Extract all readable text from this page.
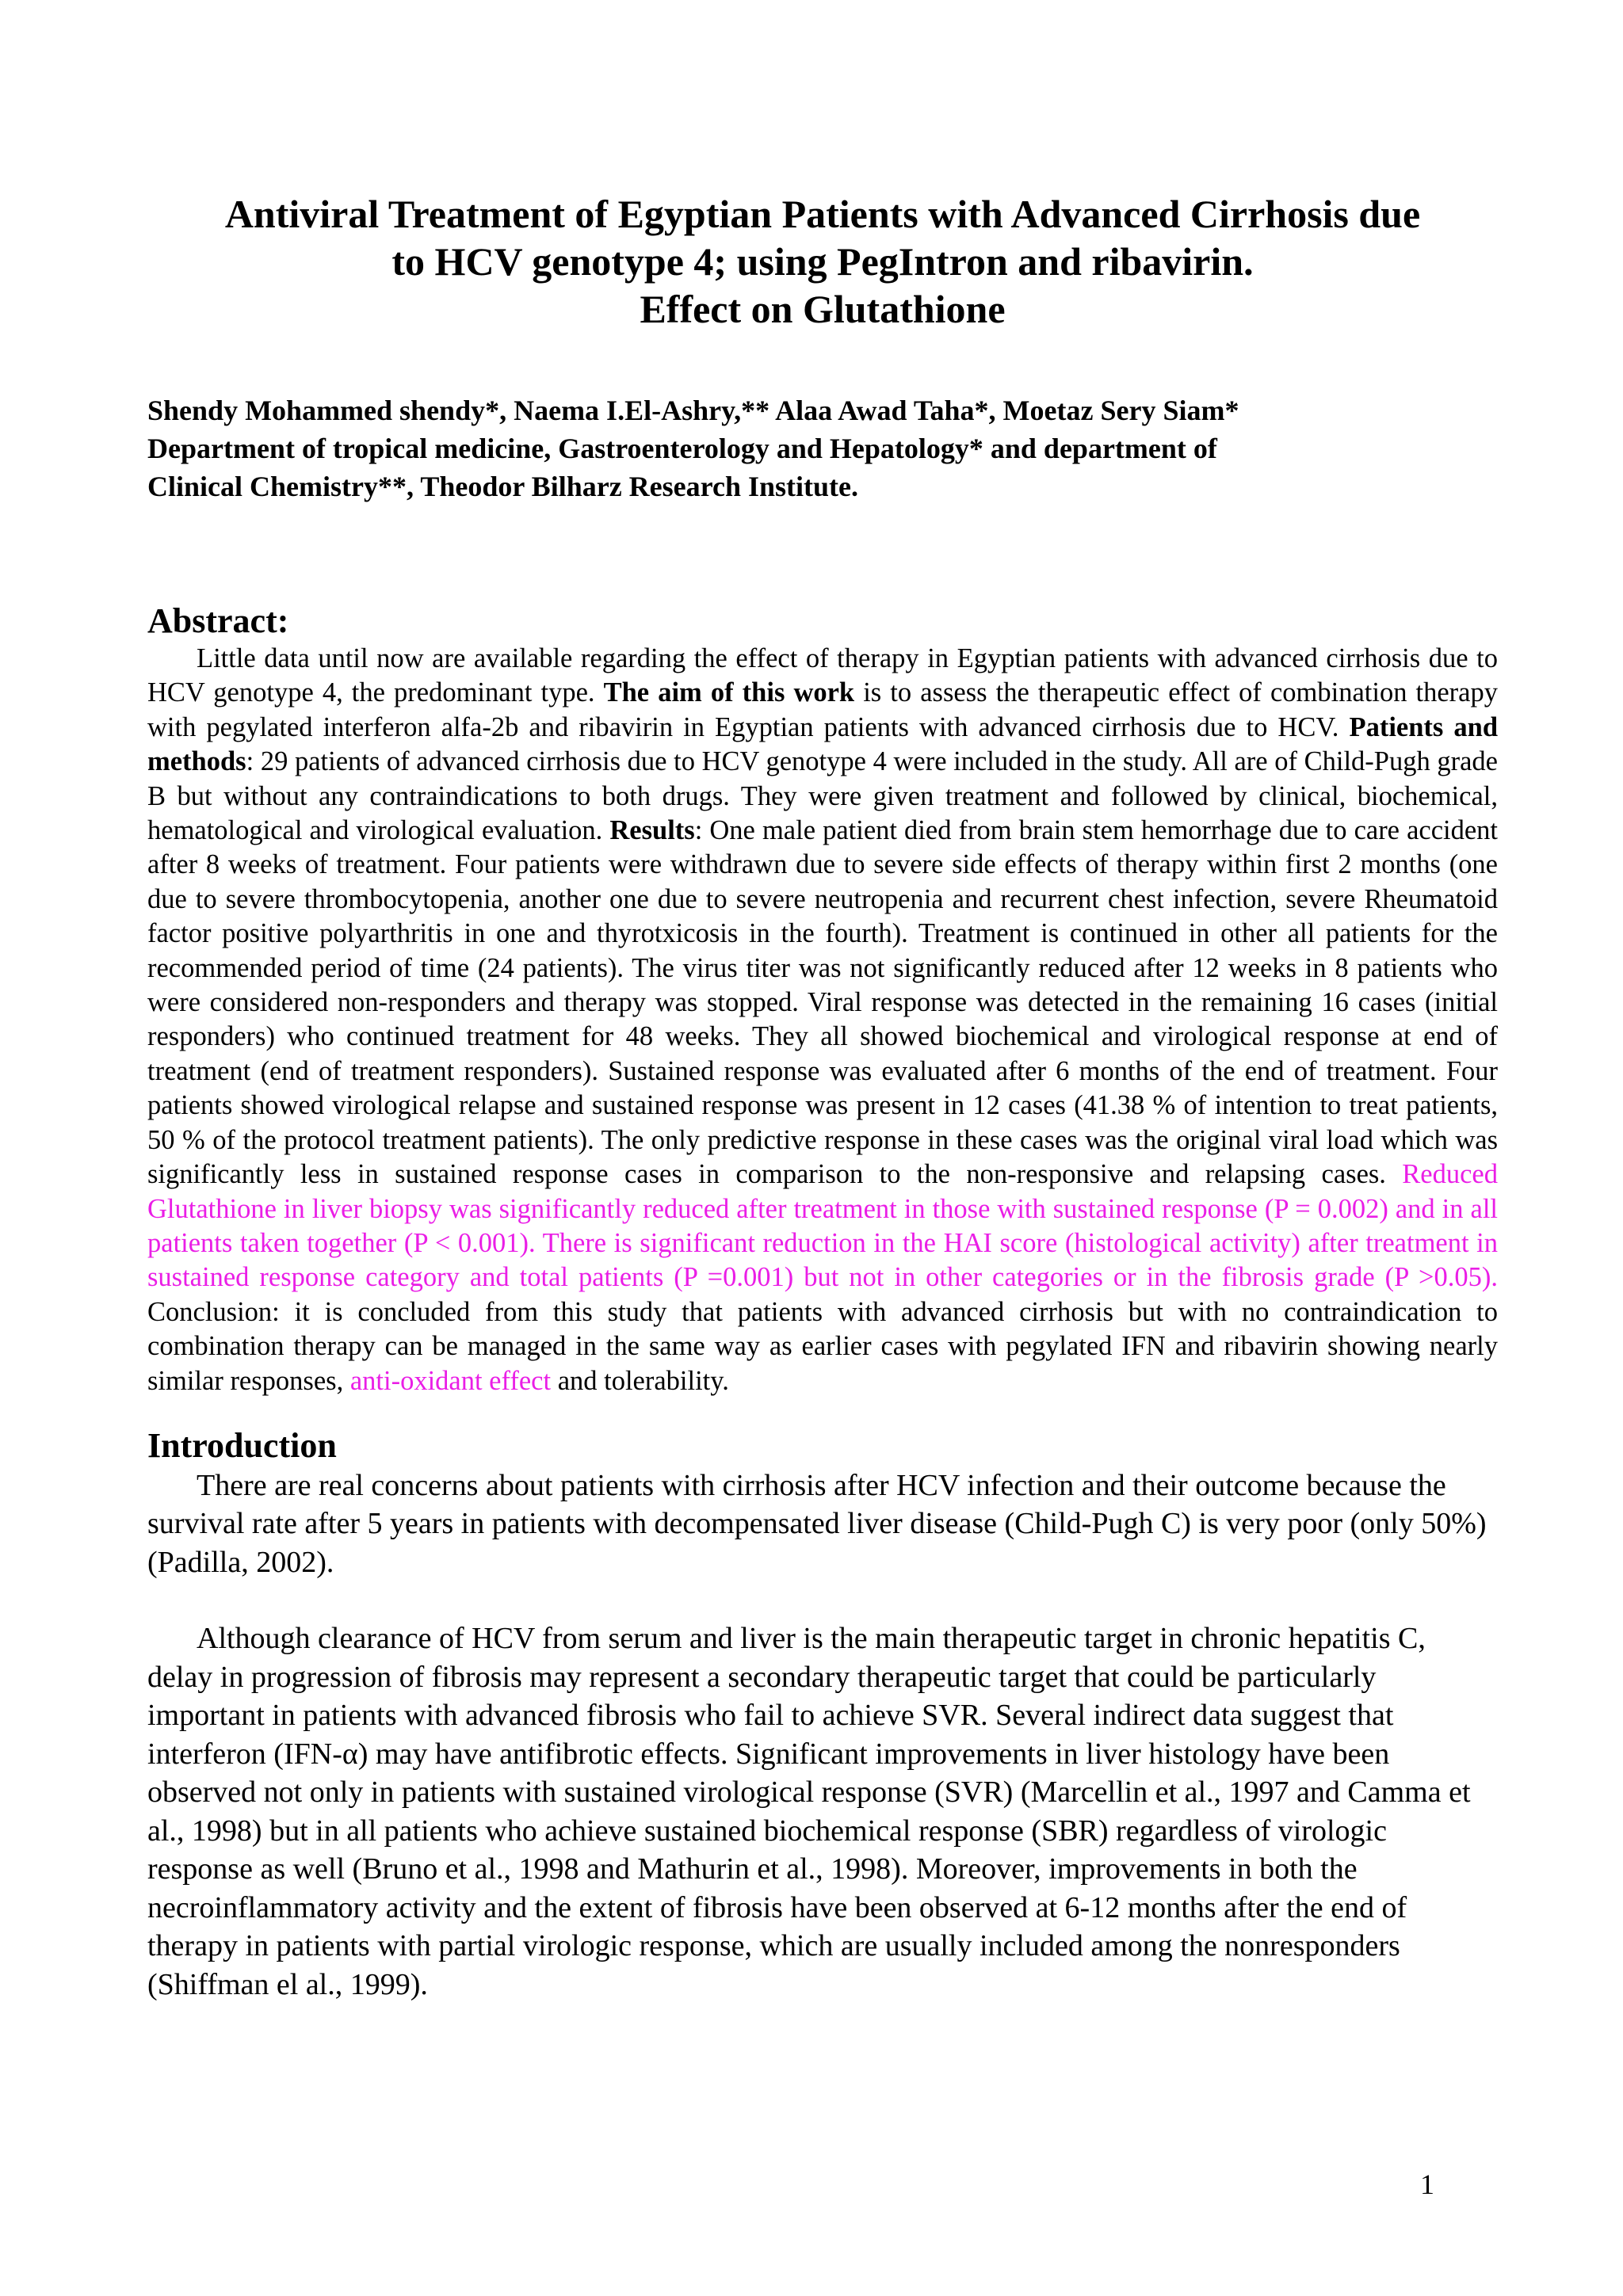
Antiviral Treatment of Egyptian Patients with Advanced Cirrhosis due
to HCV genotype 4; using PegIntron and ribavirin.
Effect on Glutathione
Shendy Mohammed shendy*, Naema I.El-Ashry,** Alaa Awad Taha*, Moetaz Sery Siam*
Department of tropical medicine, Gastroenterology and Hepatology* and department of
Clinical Chemistry**, Theodor Bilharz Research Institute.
Abstract:

Little data until now are available regarding the effect of therapy in Egyptian patients with advanced cirrhosis due to HCV genotype 4, the predominant type. The aim of this work is to assess the therapeutic effect of combination therapy with pegylated interferon alfa-2b and ribavirin in Egyptian patients with advanced cirrhosis due to HCV. Patients and methods: 29 patients of advanced cirrhosis due to HCV genotype 4 were included in the study. All are of Child-Pugh grade B but without any contraindications to both drugs. They were given treatment and followed by clinical, biochemical, hematological and virological evaluation. Results: One male patient died from brain stem hemorrhage due to care accident after 8 weeks of treatment. Four patients were withdrawn due to severe side effects of therapy within first 2 months (one due to severe thrombocytopenia, another one due to severe neutropenia and recurrent chest infection, severe Rheumatoid factor positive polyarthritis in one and thyrotxicosis in the fourth). Treatment is continued in other all patients for the recommended period of time (24 patients). The virus titer was not significantly reduced after 12 weeks in 8 patients who were considered non-responders and therapy was stopped. Viral response was detected in the remaining 16 cases (initial responders) who continued treatment for 48 weeks. They all showed biochemical and virological response at end of treatment (end of treatment responders). Sustained response was evaluated after 6 months of the end of treatment. Four patients showed virological relapse and sustained response was present in 12 cases (41.38 % of intention to treat patients, 50 % of the protocol treatment patients). The only predictive response in these cases was the original viral load which was significantly less in sustained response cases in comparison to the non-responsive and relapsing cases. Reduced Glutathione in liver biopsy was significantly reduced after treatment in those with sustained response (P = 0.002) and in all patients taken together (P < 0.001). There is significant reduction in the HAI score (histological activity) after treatment in sustained response category and total patients (P =0.001) but not in other categories or in the fibrosis grade (P >0.05). Conclusion: it is concluded from this study that patients with advanced cirrhosis but with no contraindication to combination therapy can be managed in the same way as earlier cases with pegylated IFN and ribavirin showing nearly similar responses, anti-oxidant effect and tolerability.

Introduction

There are real concerns about patients with cirrhosis after HCV infection and their outcome because the survival rate after 5 years in patients with decompensated liver disease (Child-Pugh C) is very poor (only 50%) (Padilla, 2002).

Although clearance of HCV from serum and liver is the main therapeutic target in chronic hepatitis C, delay in progression of fibrosis may represent a secondary therapeutic target that could be particularly important in patients with advanced fibrosis who fail to achieve SVR. Several indirect data suggest that interferon (IFN-α) may have antifibrotic effects. Significant improvements in liver histology have been observed not only in patients with sustained virological response (SVR) (Marcellin et al., 1997 and Camma et al., 1998) but in all patients who achieve sustained biochemical response (SBR) regardless of virologic response as well (Bruno et al., 1998 and Mathurin et al., 1998). Moreover, improvements in both the necroinflammatory activity and the extent of fibrosis have been observed at 6-12 months after the end of therapy in patients with partial virologic response, which are usually included among the nonresponders (Shiffman el al., 1999).

1
